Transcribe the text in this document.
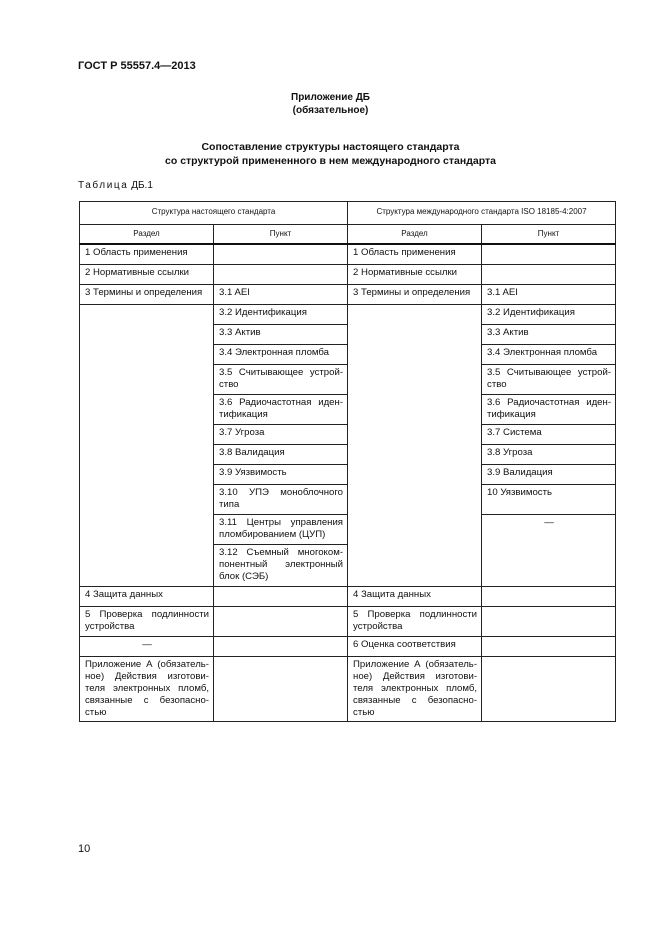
ГОСТ Р 55557.4—2013
Приложение ДБ
(обязательное)
Сопоставление структуры настоящего стандарта
со структурой примененного в нем международного стандарта
Таблица ДБ.1
Структура настоящего стандарта		Структура международного стандарта ISO 18185-4:2007	
Раздел	Пункт	Раздел	Пункт
1 Область применения		1 Область применения	
2 Нормативные ссылки		2 Нормативные ссылки	
3 Термины и определения	3.1 AEI	3 Термины и определения	3.1 AEI
	3.2 Идентификация		3.2 Идентификация
	3.3 Актив		3.3 Актив
	3.4 Электронная пломба		3.4 Электронная пломба
	3.5 Считывающее устройство		3.5 Считывающее устройство
	3.6 Радиочастотная идентификация		3.6 Радиочастотная идентификация
	3.7 Угроза		3.7 Система
	3.8 Валидация		3.8 Угроза
	3.9 Уязвимость		3.9 Валидация
	3.10 УПЭ моноблочного типа		10 Уязвимость
	3.11 Центры управления пломбированием (ЦУП)		—
	3.12 Съемный многокомпонентный электронный блок (СЭБ)		
4 Защита данных		4 Защита данных	
5 Проверка подлинности устройства		5 Проверка подлинности устройства	
—		6 Оценка соответствия	
Приложение А (обязательное) Действия изготовителя электронных пломб, связанные с безопасностью		Приложение А (обязательное) Действия изготовителя электронных пломб, связанные с безопасностью	
10
